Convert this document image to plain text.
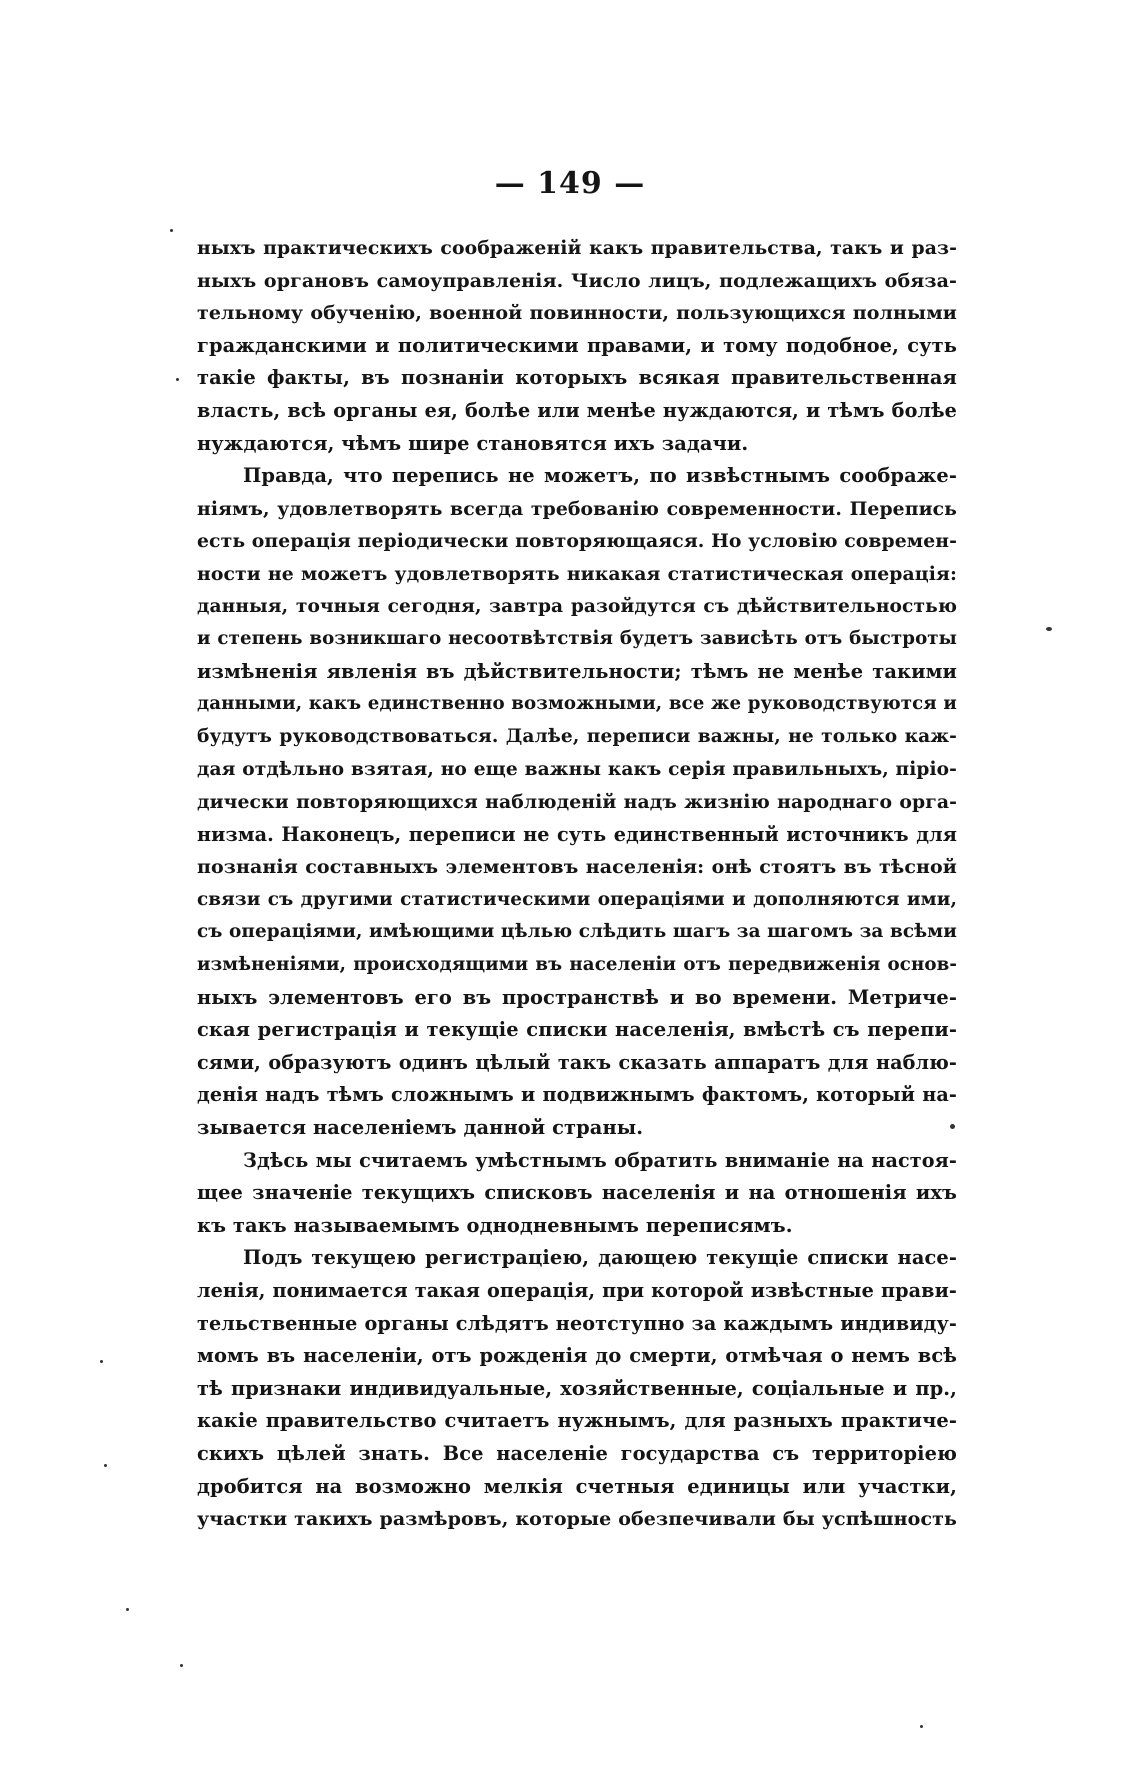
— 149 —
ныхъ практическихъ соображеній какъ правительства, такъ и раз-
ныхъ органовъ самоуправленія. Число лицъ, подлежащихъ обяза-
тельному обученію, военной повинности, пользующихся полными
гражданскими и политическими правами, и тому подобное, суть
такіе факты, въ познаніи которыхъ всякая правительственная
власть, всѣ органы ея, болѣе или менѣе нуждаются, и тѣмъ болѣе
нуждаются, чѣмъ шире становятся ихъ задачи.
Правда, что перепись не можетъ, по извѣстнымъ соображе-
ніямъ, удовлетворять всегда требованію современности. Перепись
есть операція періодически повторяющаяся. Но условію современ-
ности не можетъ удовлетворять никакая статистическая операція:
данныя, точныя сегодня, завтра разойдутся съ дѣйствительностью
и степень возникшаго несоотвѣтствія будетъ зависѣть отъ быстроты
измѣненія явленія въ дѣйствительности; тѣмъ не менѣе такими
данными, какъ единственно возможными, все же руководствуются и
будутъ руководствоваться. Далѣе, переписи важны, не только каж-
дая отдѣльно взятая, но еще важны какъ серія правильныхъ, піріо-
дически повторяющихся наблюденій надъ жизнію народнаго орга-
низма. Наконецъ, переписи не суть единственный источникъ для
познанія составныхъ элементовъ населенія: онѣ стоятъ въ тѣсной
связи съ другими статистическими операціями и дополняются ими,
съ операціями, имѣющими цѣлью слѣдить шагъ за шагомъ за всѣми
измѣненіями, происходящими въ населеніи отъ передвиженія основ-
ныхъ элементовъ его въ пространствѣ и во времени. Метриче-
ская регистрація и текущіе списки населенія, вмѣстѣ съ перепи-
сями, образуютъ одинъ цѣлый такъ сказать аппаратъ для наблю-
денія надъ тѣмъ сложнымъ и подвижнымъ фактомъ, который на-
зывается населеніемъ данной страны.
Здѣсь мы считаемъ умѣстнымъ обратить вниманіе на настоя-
щее значеніе текущихъ списковъ населенія и на отношенія ихъ
къ такъ называемымъ однодневнымъ переписямъ.
Подъ текущею регистраціею, дающею текущіе списки насе-
ленія, понимается такая операція, при которой извѣстные прави-
тельственные органы слѣдятъ неотступно за каждымъ индивиду-
момъ въ населеніи, отъ рожденія до смерти, отмѣчая о немъ всѣ
тѣ признаки индивидуальные, хозяйственные, соціальные и пр.,
какіе правительство считаетъ нужнымъ, для разныхъ практиче-
скихъ цѣлей знать. Все населеніе государства съ территоріею
дробится на возможно мелкія счетныя единицы или участки,
участки такихъ размѣровъ, которые обезпечивали бы успѣшность
